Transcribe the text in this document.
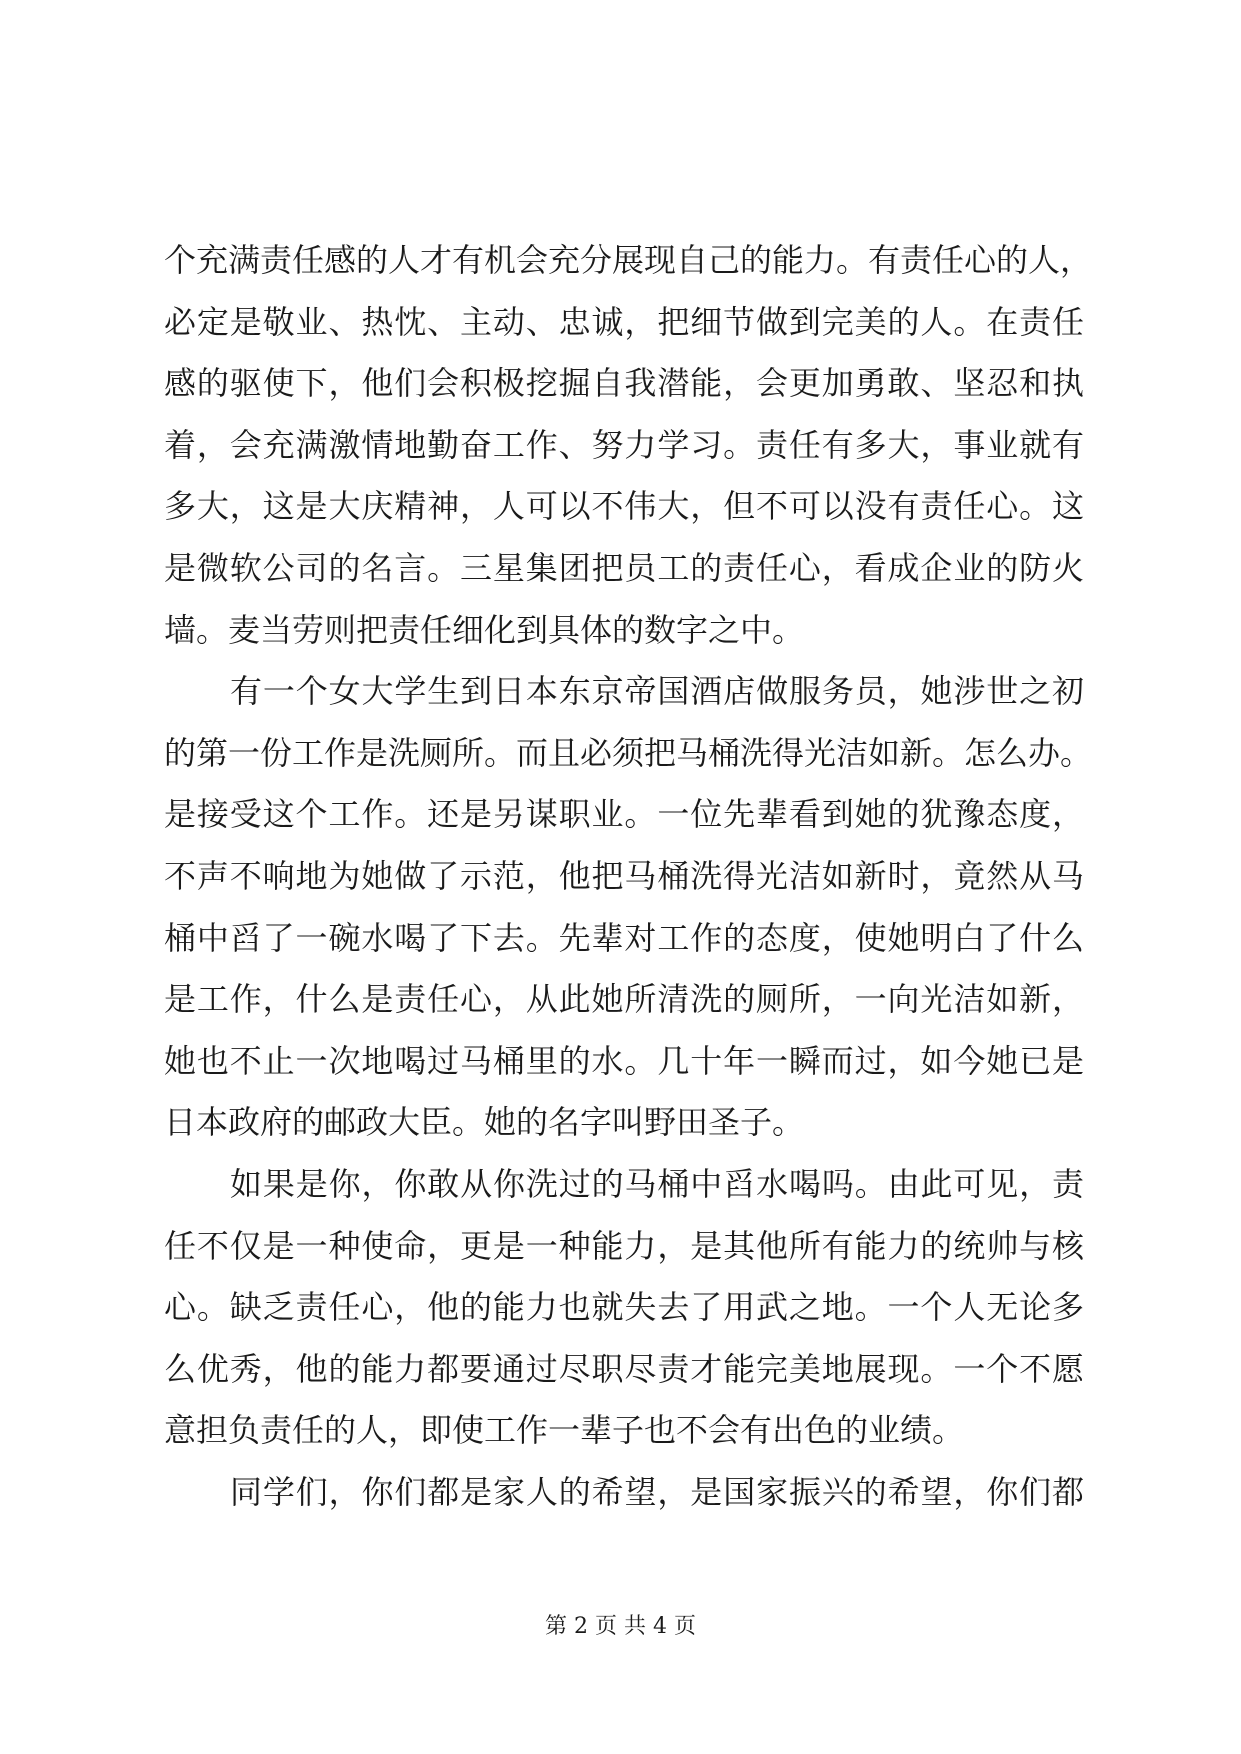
个充满责任感的人才有机会充分展现自己的能力。有责任心的人，
必定是敬业、热忱、主动、忠诚，把细节做到完美的人。在责任
感的驱使下，他们会积极挖掘自我潜能，会更加勇敢、坚忍和执
着，会充满激情地勤奋工作、努力学习。责任有多大，事业就有
多大，这是大庆精神，人可以不伟大，但不可以没有责任心。这
是微软公司的名言。三星集团把员工的责任心，看成企业的防火
墙。麦当劳则把责任细化到具体的数字之中。
有一个女大学生到日本东京帝国酒店做服务员，她涉世之初
的第一份工作是洗厕所。而且必须把马桶洗得光洁如新。怎么办。
是接受这个工作。还是另谋职业。一位先辈看到她的犹豫态度，
不声不响地为她做了示范，他把马桶洗得光洁如新时，竟然从马
桶中舀了一碗水喝了下去。先辈对工作的态度，使她明白了什么
是工作，什么是责任心，从此她所清洗的厕所，一向光洁如新，
她也不止一次地喝过马桶里的水。几十年一瞬而过，如今她已是
日本政府的邮政大臣。她的名字叫野田圣子。
如果是你，你敢从你洗过的马桶中舀水喝吗。由此可见，责
任不仅是一种使命，更是一种能力，是其他所有能力的统帅与核
心。缺乏责任心，他的能力也就失去了用武之地。一个人无论多
么优秀，他的能力都要通过尽职尽责才能完美地展现。一个不愿
意担负责任的人，即使工作一辈子也不会有出色的业绩。
同学们，你们都是家人的希望，是国家振兴的希望，你们都
第 2 页 共 4 页
